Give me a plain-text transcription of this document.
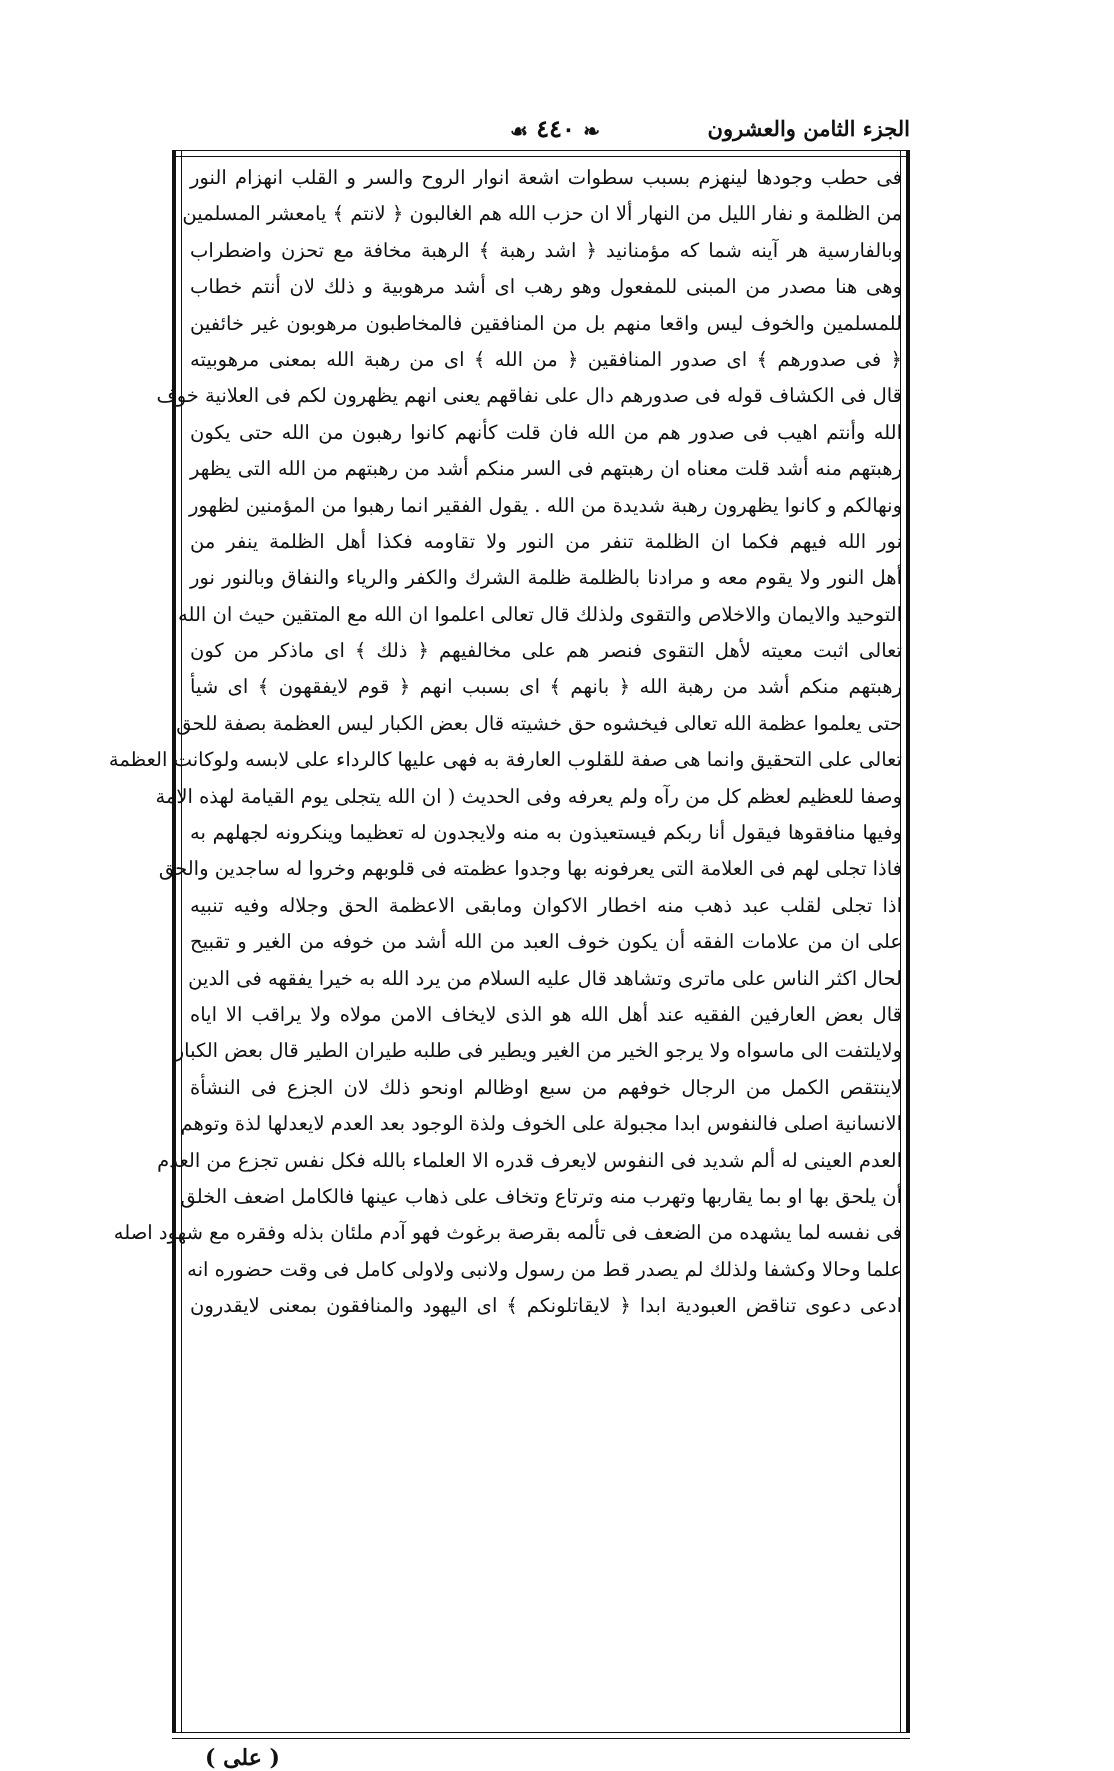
الجزء الثامن والعشرون
❧ ٤٤٠ ☙
فى حطب وجودها لينهزم بسبب سطوات اشعة انوار الروح والسر و القلب انهزام النور
من الظلمة و نفار الليل من النهار ألا ان حزب الله هم الغالبون ﴿ لانتم ﴾ يامعشر المسلمين
وبالفارسية هر آينه شما كه مؤمنانيد ﴿ اشد رهبة ﴾ الرهبة مخافة مع تحزن واضطراب
وهى هنا مصدر من المبنى للمفعول وهو رهب اى أشد مرهوبية و ذلك لان أنتم خطاب
للمسلمين والخوف ليس واقعا منهم بل من المنافقين فالمخاطبون مرهوبون غير خائفين
﴿ فى صدورهم ﴾ اى صدور المنافقين ﴿ من الله ﴾ اى من رهبة الله بمعنى مرهوبيته
قال فى الكشاف قوله فى صدورهم دال على نفاقهم يعنى انهم يظهرون لكم فى العلانية خوف
الله وأنتم اهيب فى صدور هم من الله فان قلت كأنهم كانوا رهبون من الله حتى يكون
رهبتهم منه أشد قلت معناه ان رهبتهم فى السر منكم أشد من رهبتهم من الله التى يظهر
ونهالكم و كانوا يظهرون رهبة شديدة من الله . يقول الفقير انما رهبوا من المؤمنين لظهور
نور الله فيهم فكما ان الظلمة تنفر من النور ولا تقاومه فكذا أهل الظلمة ينفر من
أهل النور ولا يقوم معه و مرادنا بالظلمة ظلمة الشرك والكفر والرياء والنفاق وبالنور نور
التوحيد والايمان والاخلاص والتقوى ولذلك قال تعالى اعلموا ان الله مع المتقين حيث ان الله
تعالى اثبت معيته لأهل التقوى فنصر هم على مخالفيهم ﴿ ذلك ﴾ اى ماذكر من كون
رهبتهم منكم أشد من رهبة الله ﴿ بانهم ﴾ اى بسبب انهم ﴿ قوم لايفقهون ﴾ اى شيأ
حتى يعلموا عظمة الله تعالى فيخشوه حق خشيته قال بعض الكبار ليس العظمة بصفة للحق
تعالى على التحقيق وانما هى صفة للقلوب العارفة به فهى عليها كالرداء على لابسه ولوكانت العظمة
وصفا للعظيم لعظم كل من رآه ولم يعرفه وفى الحديث ( ان الله يتجلى يوم القيامة لهذه الامة
وفيها منافقوها فيقول أنا ربكم فيستعيذون به منه ولايجدون له تعظيما وينكرونه لجهلهم به
فاذا تجلى لهم فى العلامة التى يعرفونه بها وجدوا عظمته فى قلوبهم وخروا له ساجدين والحق
اذا تجلى لقلب عبد ذهب منه اخطار الاكوان ومابقى الاعظمة الحق وجلاله وفيه تنبيه
على ان من علامات الفقه أن يكون خوف العبد من الله أشد من خوفه من الغير و تقبيح
لحال اكثر الناس على ماترى وتشاهد قال عليه السلام من يرد الله به خيرا يفقهه فى الدين
قال بعض العارفين الفقيه عند أهل الله هو الذى لايخاف الامن مولاه ولا يراقب الا اياه
ولايلتفت الى ماسواه ولا يرجو الخير من الغير ويطير فى طلبه طيران الطير قال بعض الكبار
لاينتقص الكمل من الرجال خوفهم من سبع اوظالم اونحو ذلك لان الجزع فى النشأة
الانسانية اصلى فالنفوس ابدا مجبولة على الخوف ولذة الوجود بعد العدم لايعدلها لذة وتوهم
العدم العينى له ألم شديد فى النفوس لايعرف قدره الا العلماء بالله فكل نفس تجزع من العدم
أن يلحق بها او بما يقاربها وتهرب منه وترتاع وتخاف على ذهاب عينها فالكامل اضعف الخلق
فى نفسه لما يشهده من الضعف فى تألمه بقرصة برغوث فهو آدم ملئان بذله وفقره مع شهود اصله
علما وحالا وكشفا ولذلك لم يصدر قط من رسول ولانبى ولاولى كامل فى وقت حضوره انه
ادعى دعوى تناقض العبودية ابدا ﴿ لايقاتلونكم ﴾ اى اليهود والمنافقون بمعنى لايقدرون
( على )
